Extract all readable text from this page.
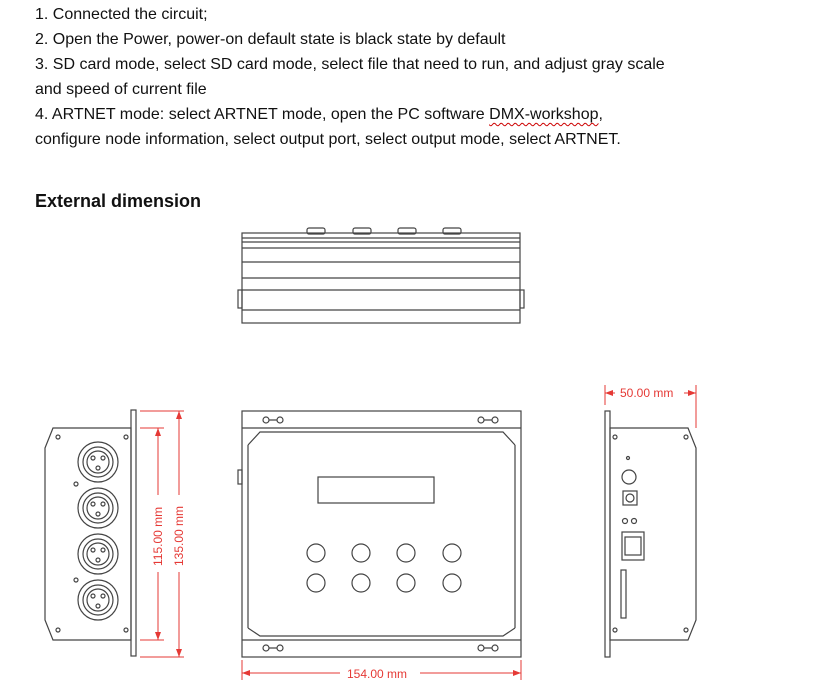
1. Connected the circuit;
2. Open the Power, power-on default state is black state by default
3. SD card mode, select SD card mode, select file that need to run, and adjust gray scale
and speed of current file
4. ARTNET mode: select ARTNET mode, open the PC software DMX-workshop,
configure node information, select output port, select output mode, select ARTNET.
External dimension
154.00 mm
115.00 mm 135.00 mm
50.00 mm
